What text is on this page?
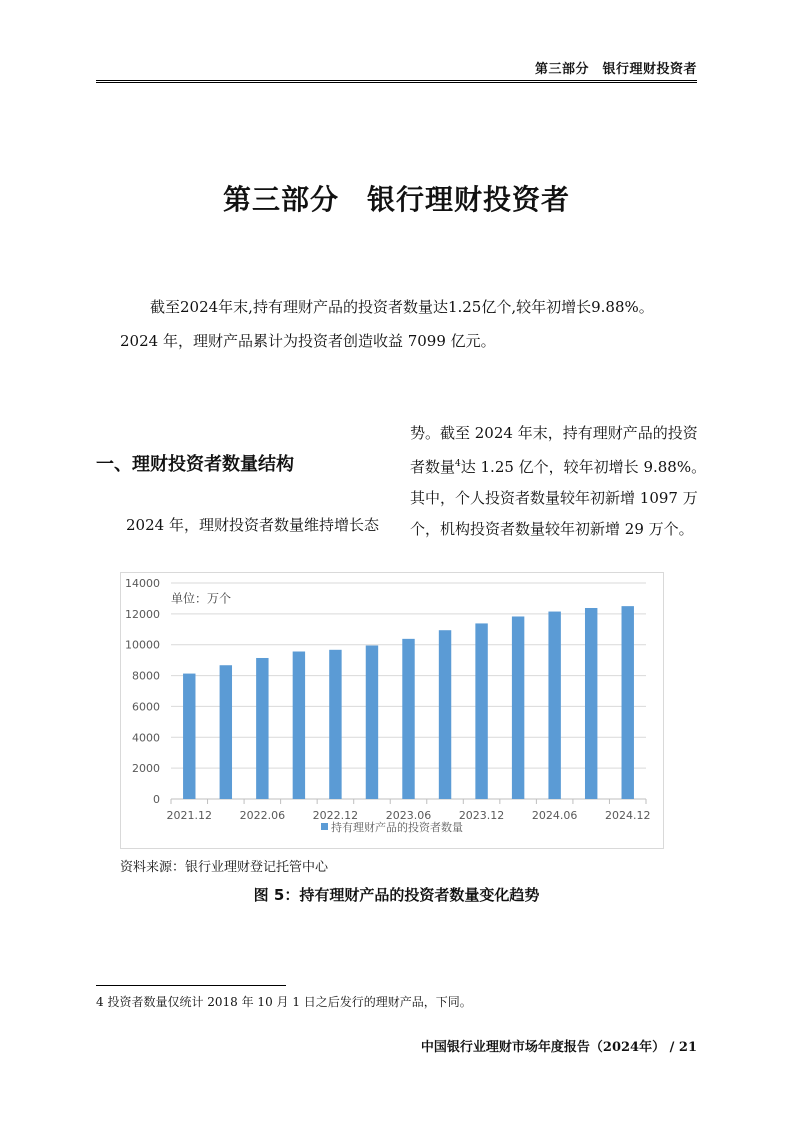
第三部分　银行理财投资者
第三部分 银行理财投资者

截至2024年末,持有理财产品的投资者数量达1.25亿个,较年初增长9.88%。

2024 年，理财产品累计为投资者创造收益 7099 亿元。

一、理财投资者数量结构
2024 年，理财投资者数量维持增长态

势。截至 2024 年末，持有理财产品的投资

者数量$^4$达 1.25 亿个，较年初增长 9.88%。

其中，个人投资者数量较年初新增 1097 万

个，机构投资者数量较年初新增 29 万个。

0
2000
4000
6000
8000
10000
12000
14000
单位：万个
2021.12	2022.06	2022.12	2023.06	2023.12	2024.06	2024.12
持有理财产品的投资者数量
资料来源：银行业理财登记托管中心
图 5：持有理财产品的投资者数量变化趋势
4 投资者数量仅统计 2018 年 10 月 1 日之后发行的理财产品，下同。
中国银行业理财市场年度报告（2024年） / 21
